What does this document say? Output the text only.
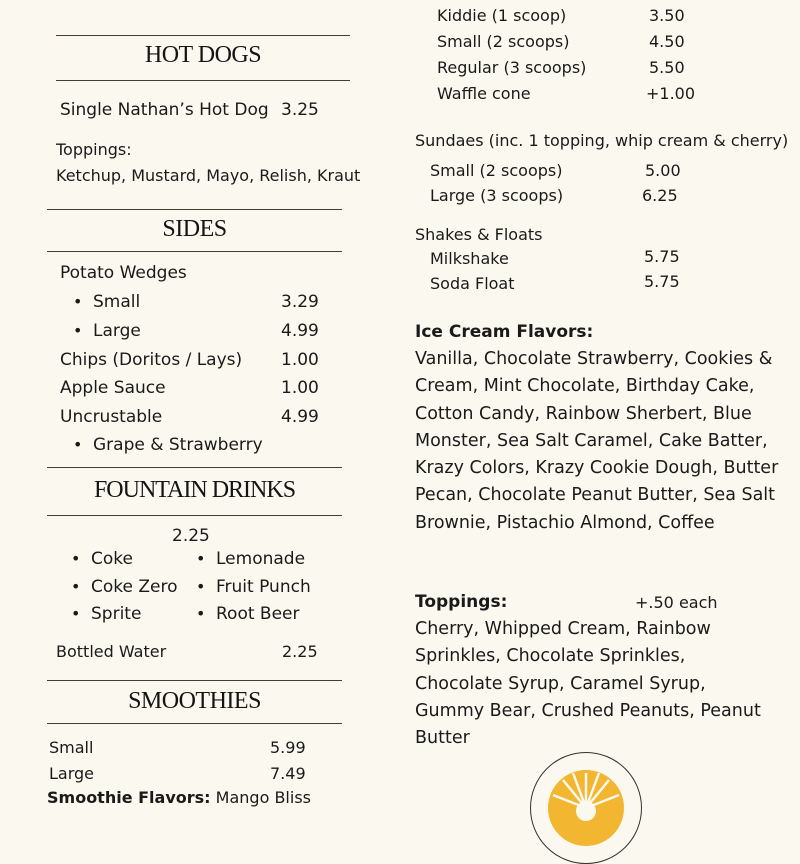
HOT DOGS
Single Nathan’s Hot Dog 3.25
Toppings:
Ketchup, Mustard, Mayo, Relish, Kraut
SIDES
Potato Wedges
• Small	3.29
• Large	4.99
Chips (Doritos / Lays) 1.00
Apple Sauce	1.00
Uncrustable	4.99
• Grape & Strawberry
FOUNTAIN DRINKS
2.25
• Coke
• Coke Zero
• Sprite
• Lemonade
• Fruit Punch
• Root Beer
Bottled Water	2.25
SMOOTHIES
Small	5.99
Large	7.49
Smoothie Flavors: Mango Bliss
Kiddie (1 scoop)	3.50
Small (2 scoops)	4.50
Regular (3 scoops)	5.50
Waffle cone	+1.00
Sundaes (inc. 1 topping, whip cream & cherry)
Small (2 scoops)	5.00
Large (3 scoops)	6.25
Shakes & Floats
Milkshake	5.75
Soda Float	5.75
Ice Cream Flavors:
Vanilla, Chocolate Strawberry, Cookies & Cream, Mint Chocolate, Birthday Cake, Cotton Candy, Rainbow Sherbert, Blue Monster, Sea Salt Caramel, Cake Batter, Krazy Colors, Krazy Cookie Dough, Butter Pecan, Chocolate Peanut Butter, Sea Salt Brownie, Pistachio Almond, Coffee
Toppings:	+.50 each
Cherry, Whipped Cream, Rainbow Sprinkles, Chocolate Sprinkles, Chocolate Syrup, Caramel Syrup, Gummy Bear, Crushed Peanuts, Peanut Butter
